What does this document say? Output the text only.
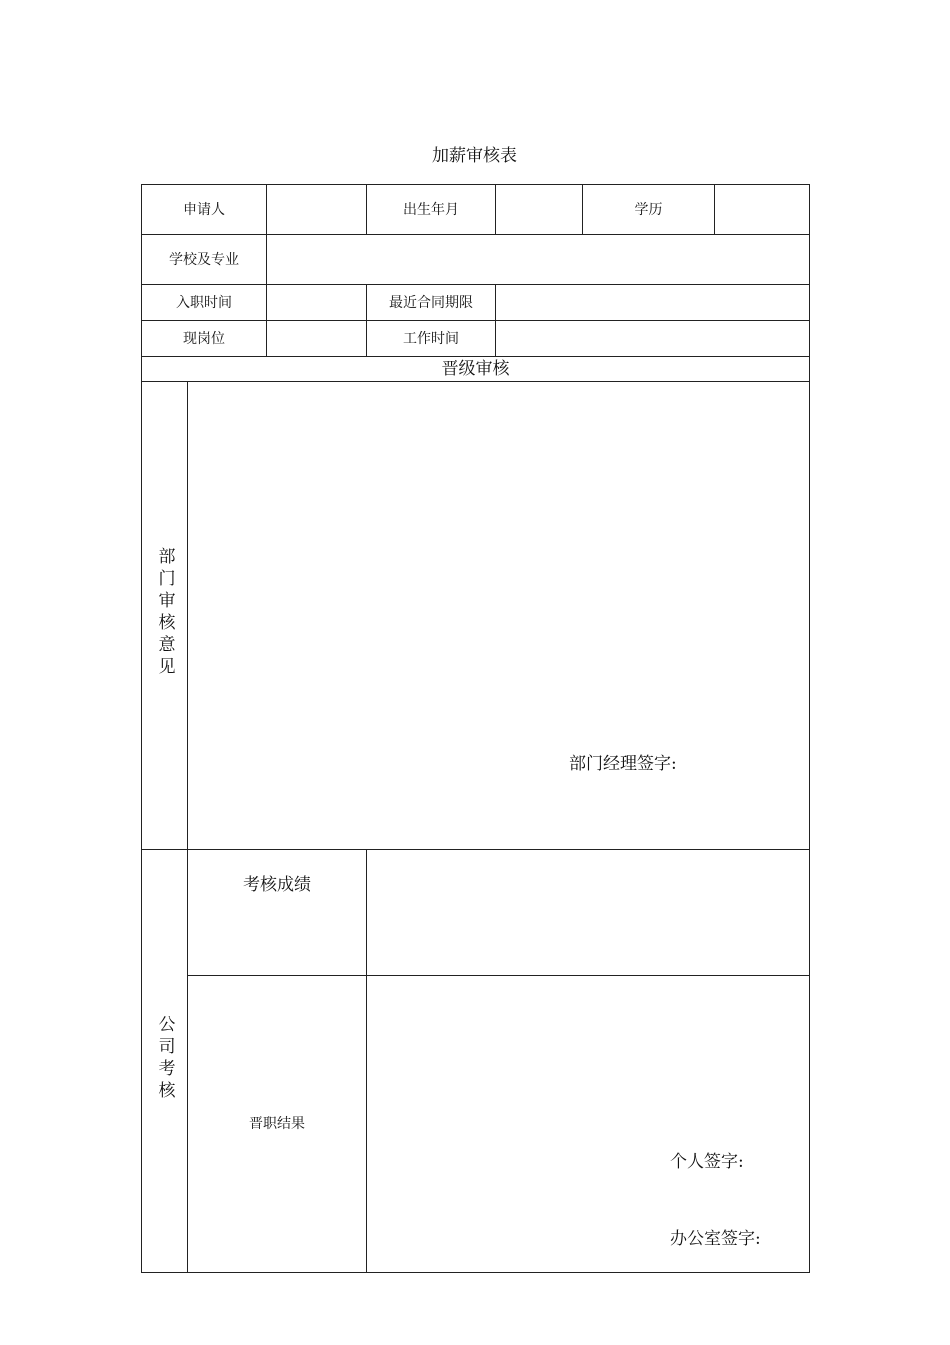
加薪审核表
申请人			出生年月		学历	
学校及专业						
入职时间			最近合同期限			
现岗位			工作时间			
晋级审核						
部门审核意见	部门经理签字:					

公司考核	考核成绩					
	晋职结果		个人签字:
办公室签字:			
